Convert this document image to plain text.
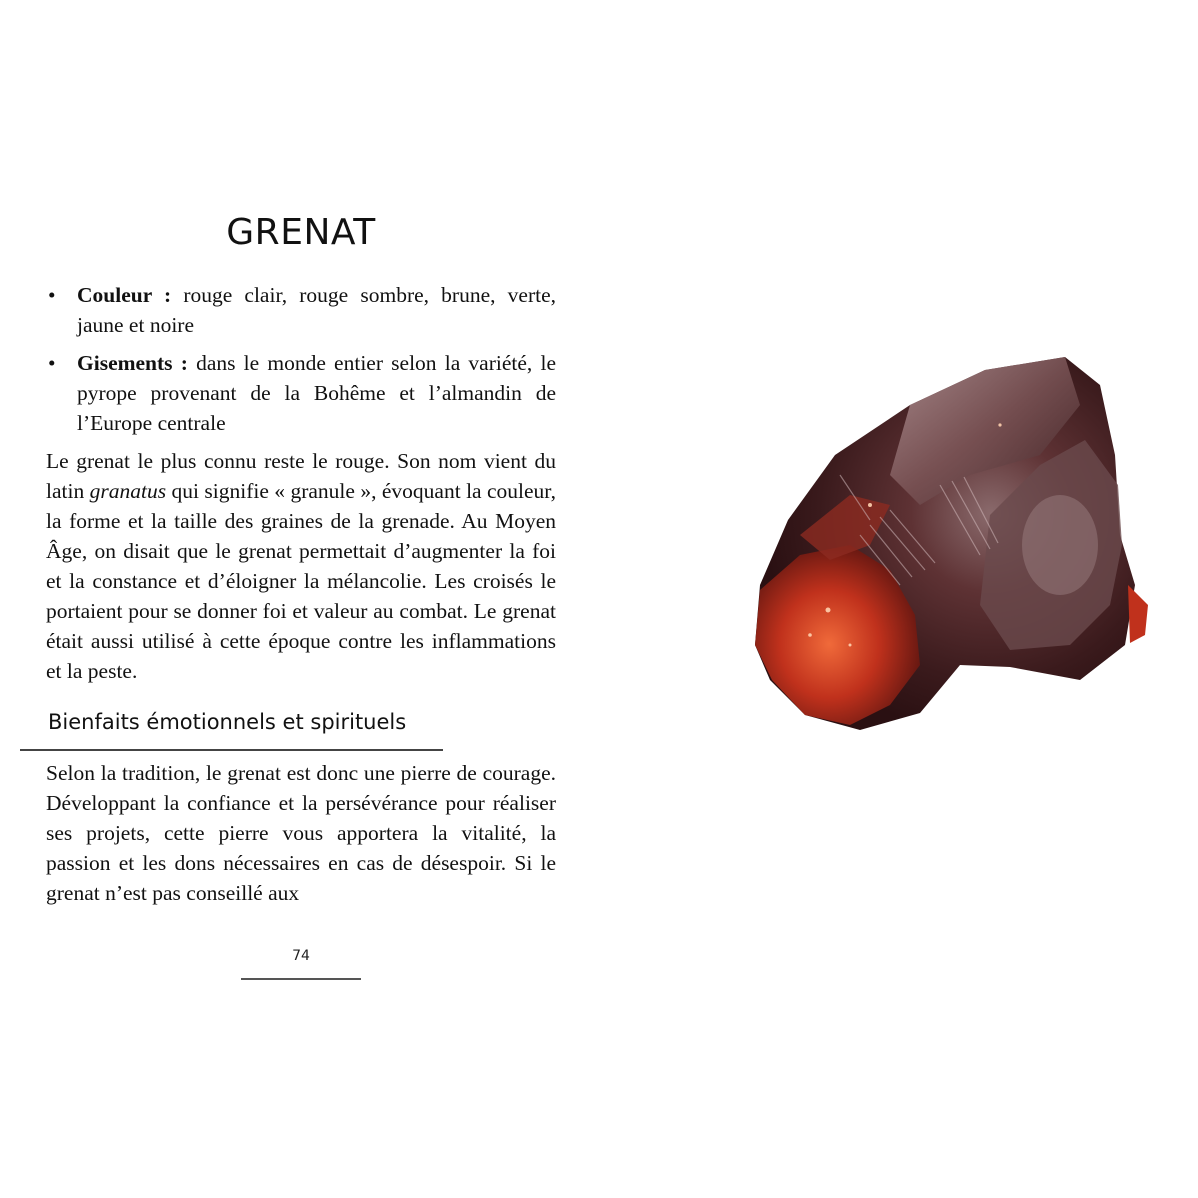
GRENAT
• Couleur : rouge clair, rouge sombre, brune, verte, jaune et noire
• Gisements : dans le monde entier selon la variété, le pyrope provenant de la Bohême et l’almandin de l’Europe centrale

Le grenat le plus connu reste le rouge. Son nom vient du latin granatus qui signifie « granule », évoquant la couleur, la forme et la taille des graines de la grenade. Au Moyen Âge, on disait que le grenat permettait d’augmenter la foi et la constance et d’éloigner la mélancolie. Les croisés le portaient pour se donner foi et valeur au combat. Le grenat était aussi utilisé à cette époque contre les inflammations et la peste.

Bienfaits émotionnels et spirituels

Selon la tradition, le grenat est donc une pierre de courage. Développant la confiance et la persévérance pour réaliser ses projets, cette pierre vous apportera la vitalité, la passion et les dons nécessaires en cas de désespoir. Si le grenat n’est pas conseillé aux

74
